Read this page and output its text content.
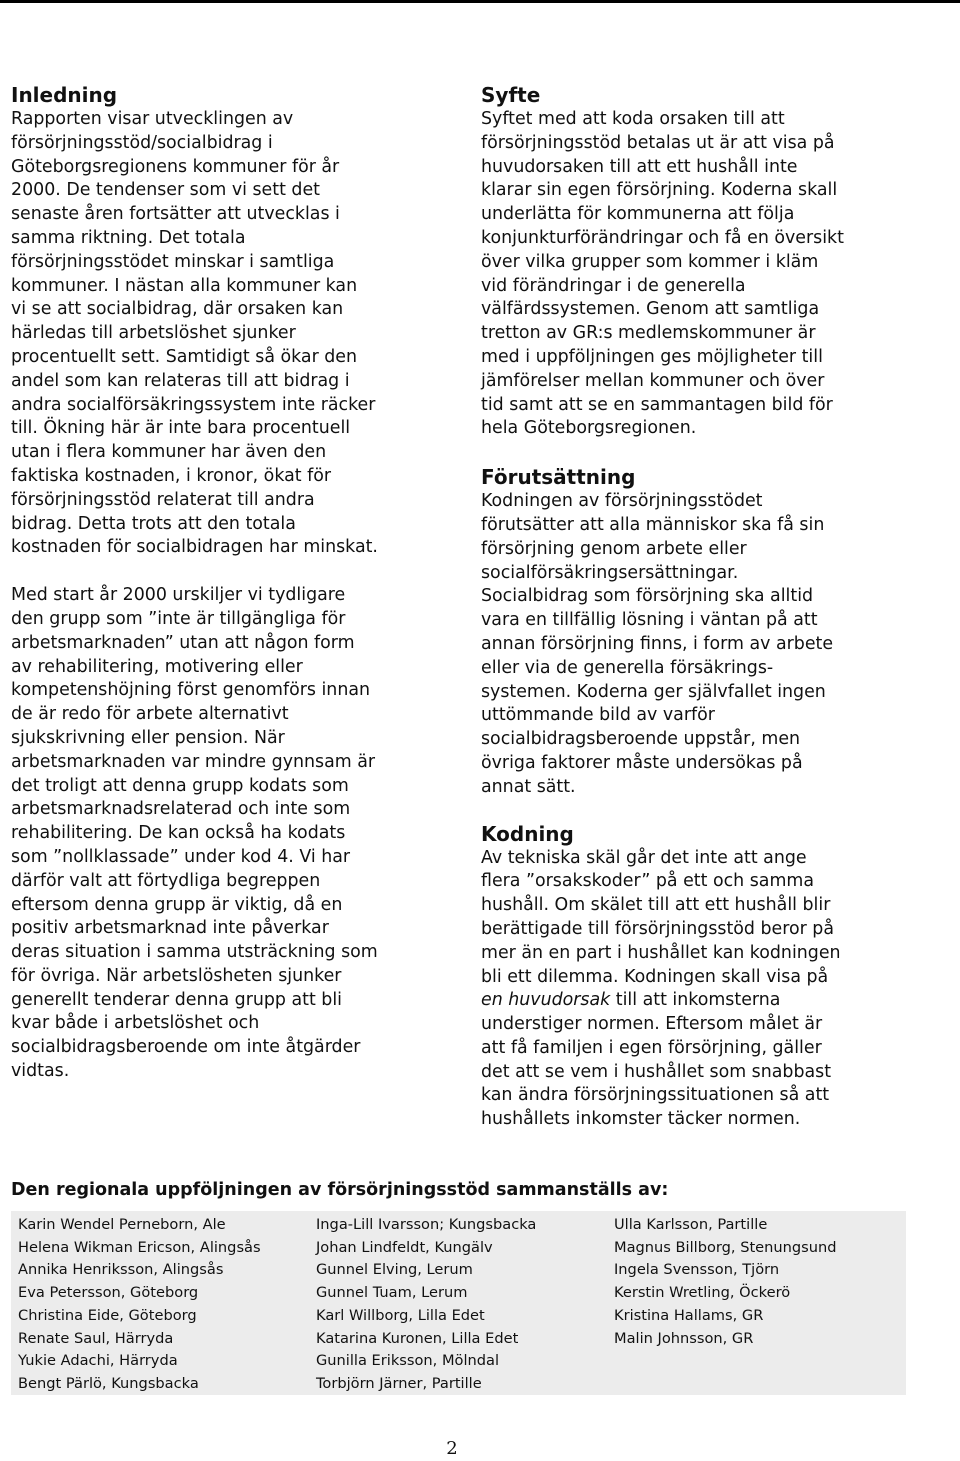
Inledning

Rapporten visar utvecklingen av
försörjningsstöd/socialbidrag i
Göteborgsregionens kommuner för år
2000. De tendenser som vi sett det
senaste åren fortsätter att utvecklas i
samma riktning. Det totala
försörjningsstödet minskar i samtliga
kommuner. I nästan alla kommuner kan
vi se att socialbidrag, där orsaken kan
härledas till arbetslöshet sjunker
procentuellt sett. Samtidigt så ökar den
andel som kan relateras till att bidrag i
andra socialförsäkringssystem inte räcker
till. Ökning här är inte bara procentuell
utan i flera kommuner har även den
faktiska kostnaden, i kronor, ökat för
försörjningsstöd relaterat till andra
bidrag. Detta trots att den totala
kostnaden för socialbidragen har minskat.

Med start år 2000 urskiljer vi tydligare
den grupp som ”inte är tillgängliga för
arbetsmarknaden” utan att någon form
av rehabilitering, motivering eller
kompetenshöjning först genomförs innan
de är redo för arbete alternativt
sjukskrivning eller pension. När
arbetsmarknaden var mindre gynnsam är
det troligt att denna grupp kodats som
arbetsmarknadsrelaterad och inte som
rehabilitering. De kan också ha kodats
som ”nollklassade” under kod 4. Vi har
därför valt att förtydliga begreppen
eftersom denna grupp är viktig, då en
positiv arbetsmarknad inte påverkar
deras situation i samma utsträckning som
för övriga. När arbetslösheten sjunker
generellt tenderar denna grupp att bli
kvar både i arbetslöshet och
socialbidragsberoende om inte åtgärder
vidtas.

Syfte

Syftet med att koda orsaken till att
försörjningsstöd betalas ut är att visa på
huvudorsaken till att ett hushåll inte
klarar sin egen försörjning. Koderna skall
underlätta för kommunerna att följa
konjunkturförändringar och få en översikt
över vilka grupper som kommer i kläm
vid förändringar i de generella
välfärdssystemen. Genom att samtliga
tretton av GR:s medlemskommuner är
med i uppföljningen ges möjligheter till
jämförelser mellan kommuner och över
tid samt att se en sammantagen bild för
hela Göteborgsregionen.

Förutsättning

Kodningen av försörjningsstödet
förutsätter att alla människor ska få sin
försörjning genom arbete eller
socialförsäkringsersättningar.
Socialbidrag som försörjning ska alltid
vara en tillfällig lösning i väntan på att
annan försörjning finns, i form av arbete
eller via de generella försäkrings-
systemen. Koderna ger självfallet ingen
uttömmande bild av varför
socialbidragsberoende uppstår, men
övriga faktorer måste undersökas på
annat sätt.

Kodning

Av tekniska skäl går det inte att ange
flera ”orsakskoder” på ett och samma
hushåll. Om skälet till att ett hushåll blir
berättigade till försörjningsstöd beror på
mer än en part i hushållet kan kodningen
bli ett dilemma. Kodningen skall visa på
en huvudorsak till att inkomsterna
understiger normen. Eftersom målet är
att få familjen i egen försörjning, gäller
det att se vem i hushållet som snabbast
kan ändra försörjningssituationen så att
hushållets inkomster täcker normen.

Den regionala uppföljningen av försörjningsstöd sammanställs av:
Karin Wendel Perneborn, Ale
Helena Wikman Ericson, Alingsås
Annika Henriksson, Alingsås
Eva Petersson, Göteborg
Christina Eide, Göteborg
Renate Saul, Härryda
Yukie Adachi, Härryda
Bengt Pärlö, Kungsbacka
Inga-Lill Ivarsson; Kungsbacka
Johan Lindfeldt, Kungälv
Gunnel Elving, Lerum
Gunnel Tuam, Lerum
Karl Willborg, Lilla Edet
Katarina Kuronen, Lilla Edet
Gunilla Eriksson, Mölndal
Torbjörn Järner, Partille
Ulla Karlsson, Partille
Magnus Billborg, Stenungsund
Ingela Svensson, Tjörn
Kerstin Wretling, Öckerö
Kristina Hallams, GR
Malin Johnsson, GR
2
